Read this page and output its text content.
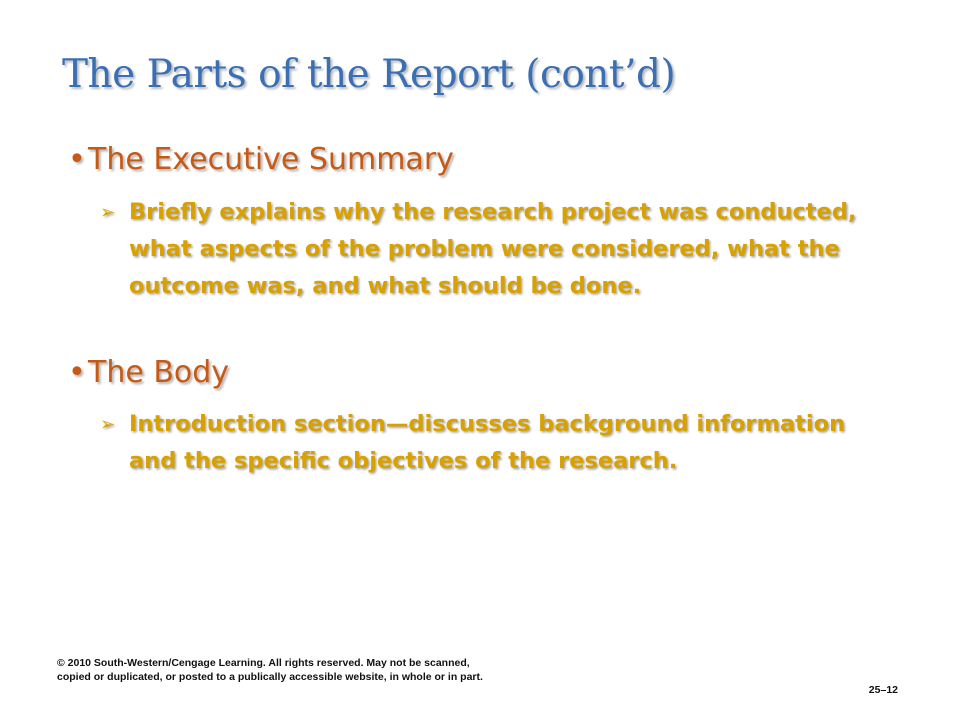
The Parts of the Report (cont’d)
•The Executive Summary
➢ Briefly explains why the research project was conducted, what aspects of the problem were considered, what the outcome was, and what should be done.
•The Body
➢ Introduction section—discusses background information and the specific objectives of the research.
© 2010 South-Western/Cengage Learning. All rights reserved. May not be scanned, copied or duplicated, or posted to a publically accessible website, in whole or in part.
25–12
